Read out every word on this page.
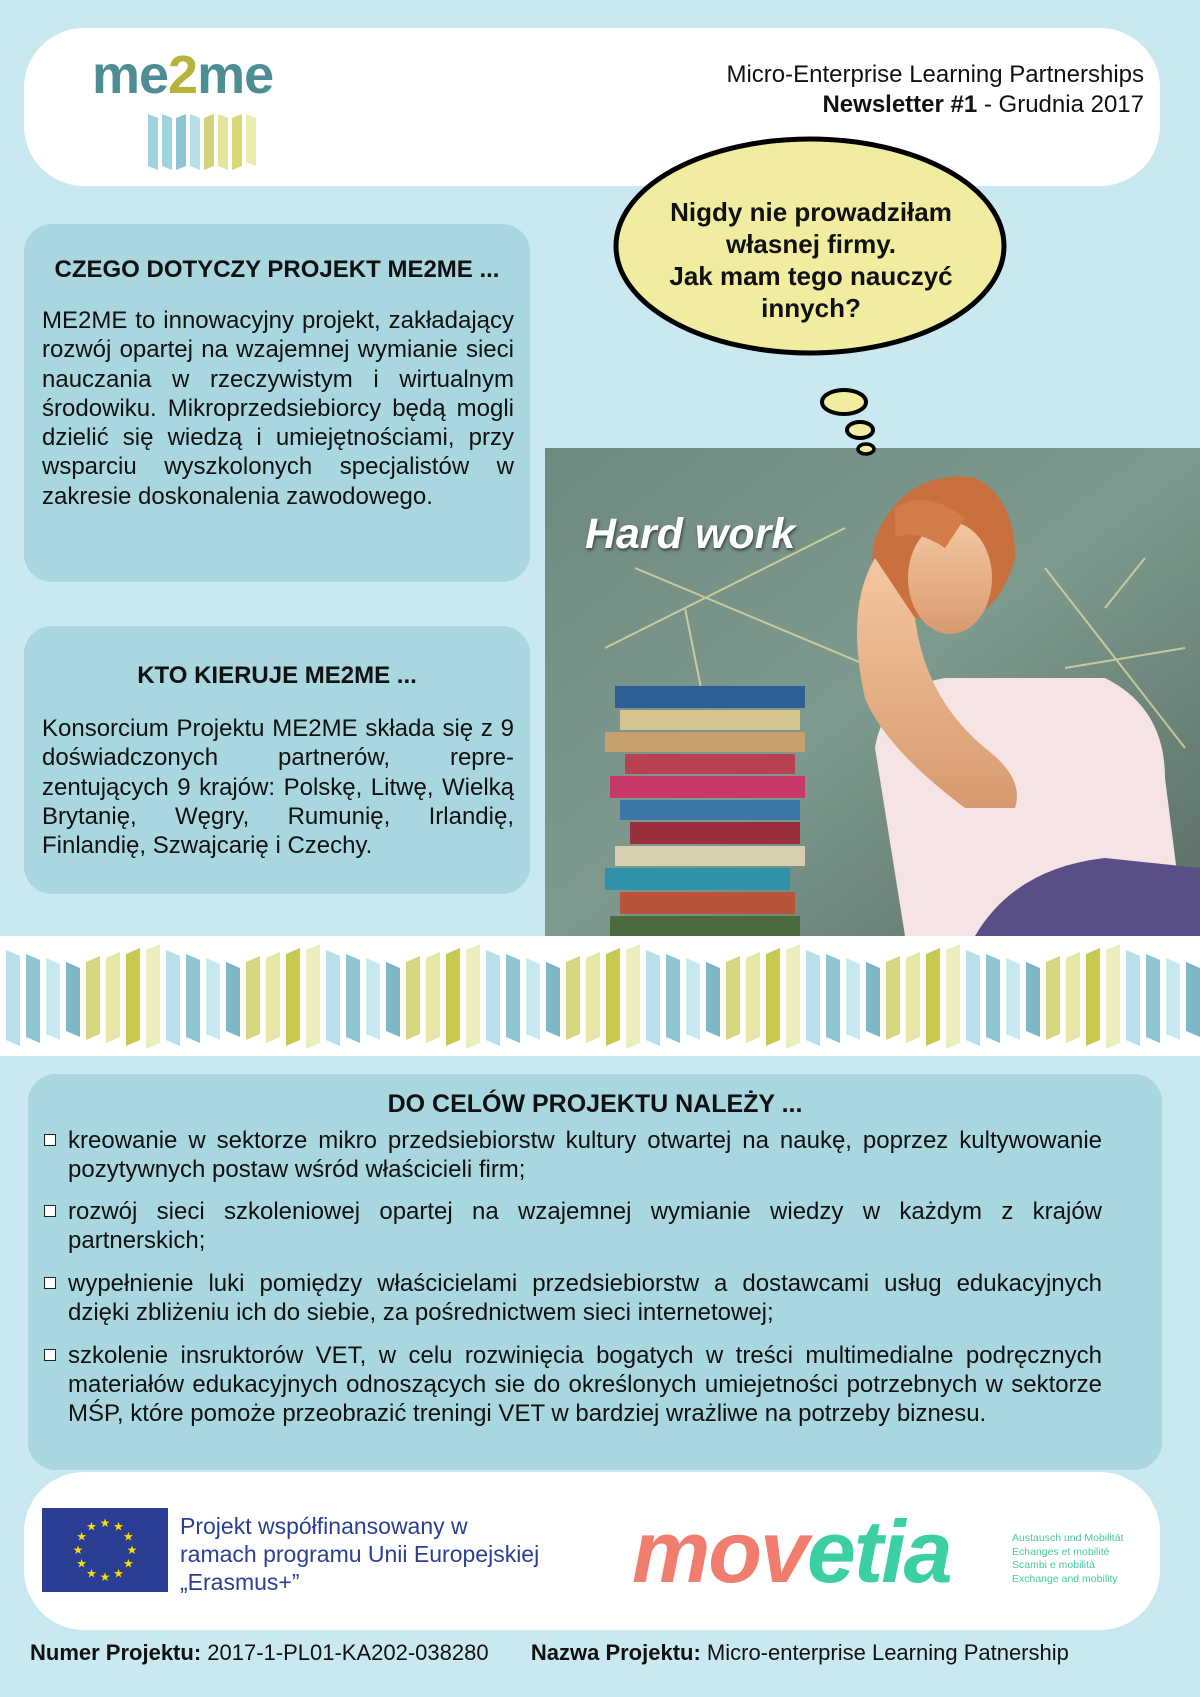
me2me	Micro-Enterprise Learning Partnerships
Newsletter #1 - Grudnia 2017
CZEGO DOTYCZY PROJEKT ME2ME ...
ME2ME to innowacyjny projekt, zakładający rozwój opartej na wzajemnej wymianie sieci nauczania w rzeczywistym i wirtualnym środowiku. Mikroprzedsiebiorcy będą mogli dzielić się wiedzą i umiejętnościami, przy wsparciu wyszkolonych specjalistów w zakresie doskonalenia zawodowego.
KTO KIERUJE ME2ME ...
Konsorcium Projektu ME2ME składa się z 9 doświadczonych partnerów, reprezentujących 9 krajów: Polskę, Litwę, Wielką Brytanię, Węgry, Rumunię, Irlandię, Finlandię, Szwajcarię i Czechy.
Hard work
Nigdy nie prowadziłam
własnej firmy.
Jak mam tego nauczyć
innych?
DO CELÓW PROJEKTU NALEŻY ...
kreowanie w sektorze mikro przedsiebiorstw kultury otwartej na naukę, poprzez kultywowanie pozytywnych postaw wśród właścicieli firm;
rozwój sieci szkoleniowej opartej na wzajemnej wymianie wiedzy w każdym z krajów partnerskich;
wypełnienie luki pomiędzy właścicielami przedsiebiorstw a dostawcami usług edukacyjnych dzięki zbliżeniu ich do siebie, za pośrednictwem sieci internetowej;
szkolenie insruktorów VET, w celu rozwinięcia bogatych w treści multimedialne podręcznych materiałów edukacyjnych odnoszących sie do określonych umiejetności potrzebnych w sektorze MŚP, które pomoże przeobrazić treningi VET w bardziej wrażliwe na potrzeby biznesu.
★
★
★
★
★
★
★
★
★ ★ ★
★ Projekt współfinansowany w
ramach programu Unii Europejskiej
„Erasmus+”	movetia	Austausch und Mobilität
Echanges et mobilité
Scambi e mobilità
Exchange and mobility
Numer Projektu: 2017-1-PL01-KA202-038280 Nazwa Projektu: Micro-enterprise Learning Patnership
